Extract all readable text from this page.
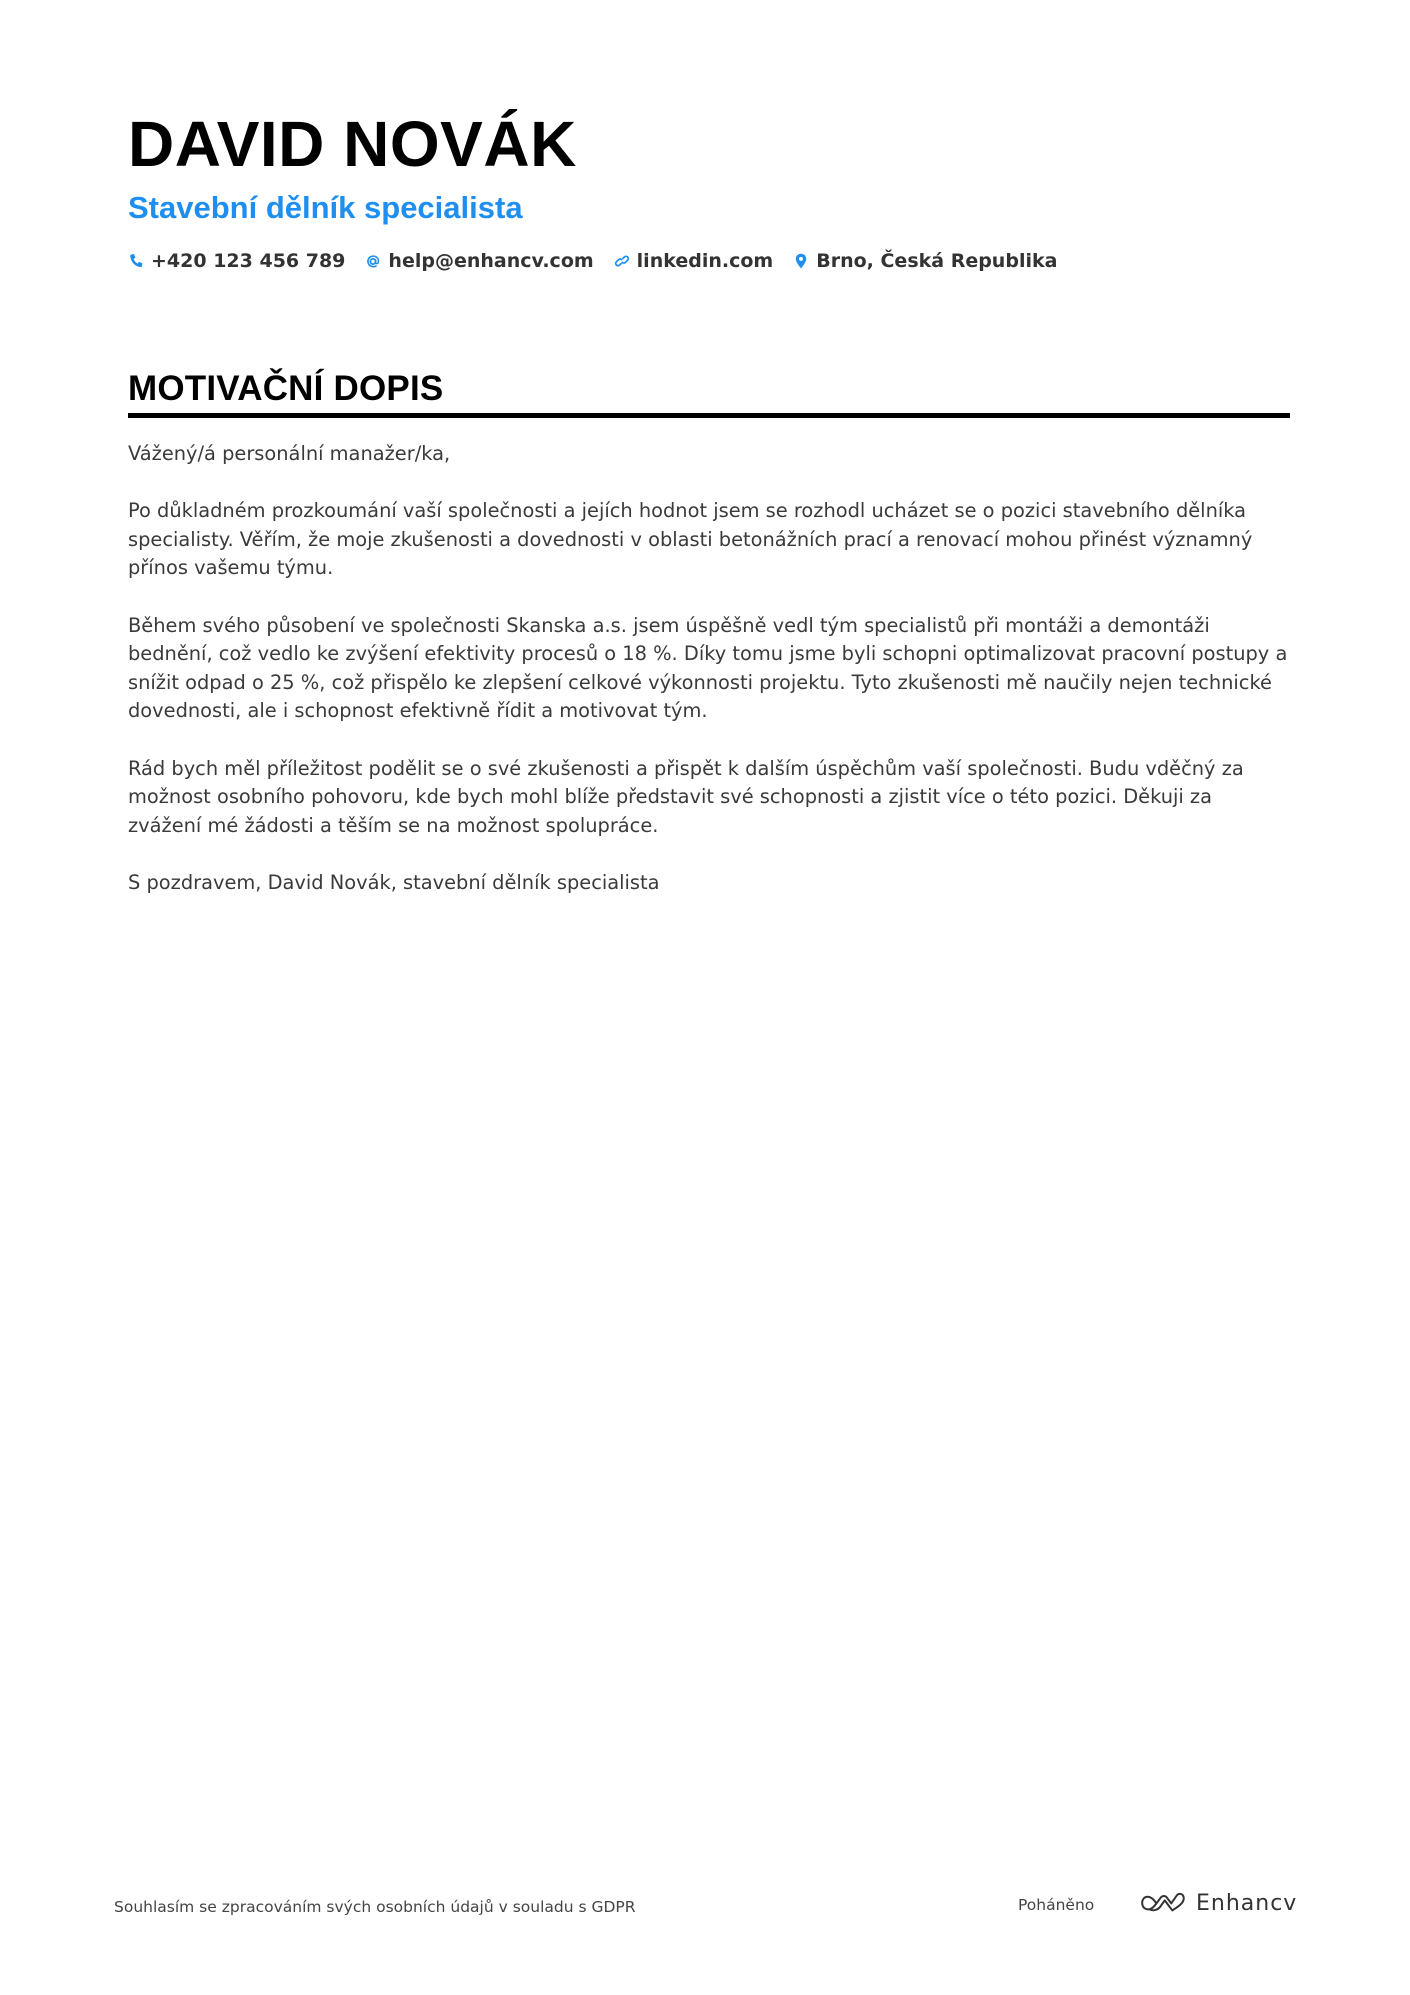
DAVID NOVÁK
Stavební dělník specialista
+420 123 456 789 help@enhancv.com linkedin.com Brno, Česká Republika
MOTIVAČNÍ DOPIS

Vážený/á personální manažer/ka,

Po důkladném prozkoumání vaší společnosti a jejích hodnot jsem se rozhodl ucházet se o pozici stavebního dělníka specialisty. Věřím, že moje zkušenosti a dovednosti v oblasti betonážních prací a renovací mohou přinést významný přínos vašemu týmu.

Během svého působení ve společnosti Skanska a.s. jsem úspěšně vedl tým specialistů při montáži a demontáži bednění, což vedlo ke zvýšení efektivity procesů o 18 %. Díky tomu jsme byli schopni optimalizovat pracovní postupy a snížit odpad o 25 %, což přispělo ke zlepšení celkové výkonnosti projektu. Tyto zkušenosti mě naučily nejen technické dovednosti, ale i schopnost efektivně řídit a motivovat tým.

Rád bych měl příležitost podělit se o své zkušenosti a přispět k dalším úspěchům vaší společnosti. Budu vděčný za možnost osobního pohovoru, kde bych mohl blíže představit své schopnosti a zjistit více o této pozici. Děkuji za zvážení mé žádosti a těším se na možnost spolupráce.

S pozdravem, David Novák, stavební dělník specialista

Souhlasím se zpracováním svých osobních údajů v souladu s GDPR	Poháněno	Enhancv
